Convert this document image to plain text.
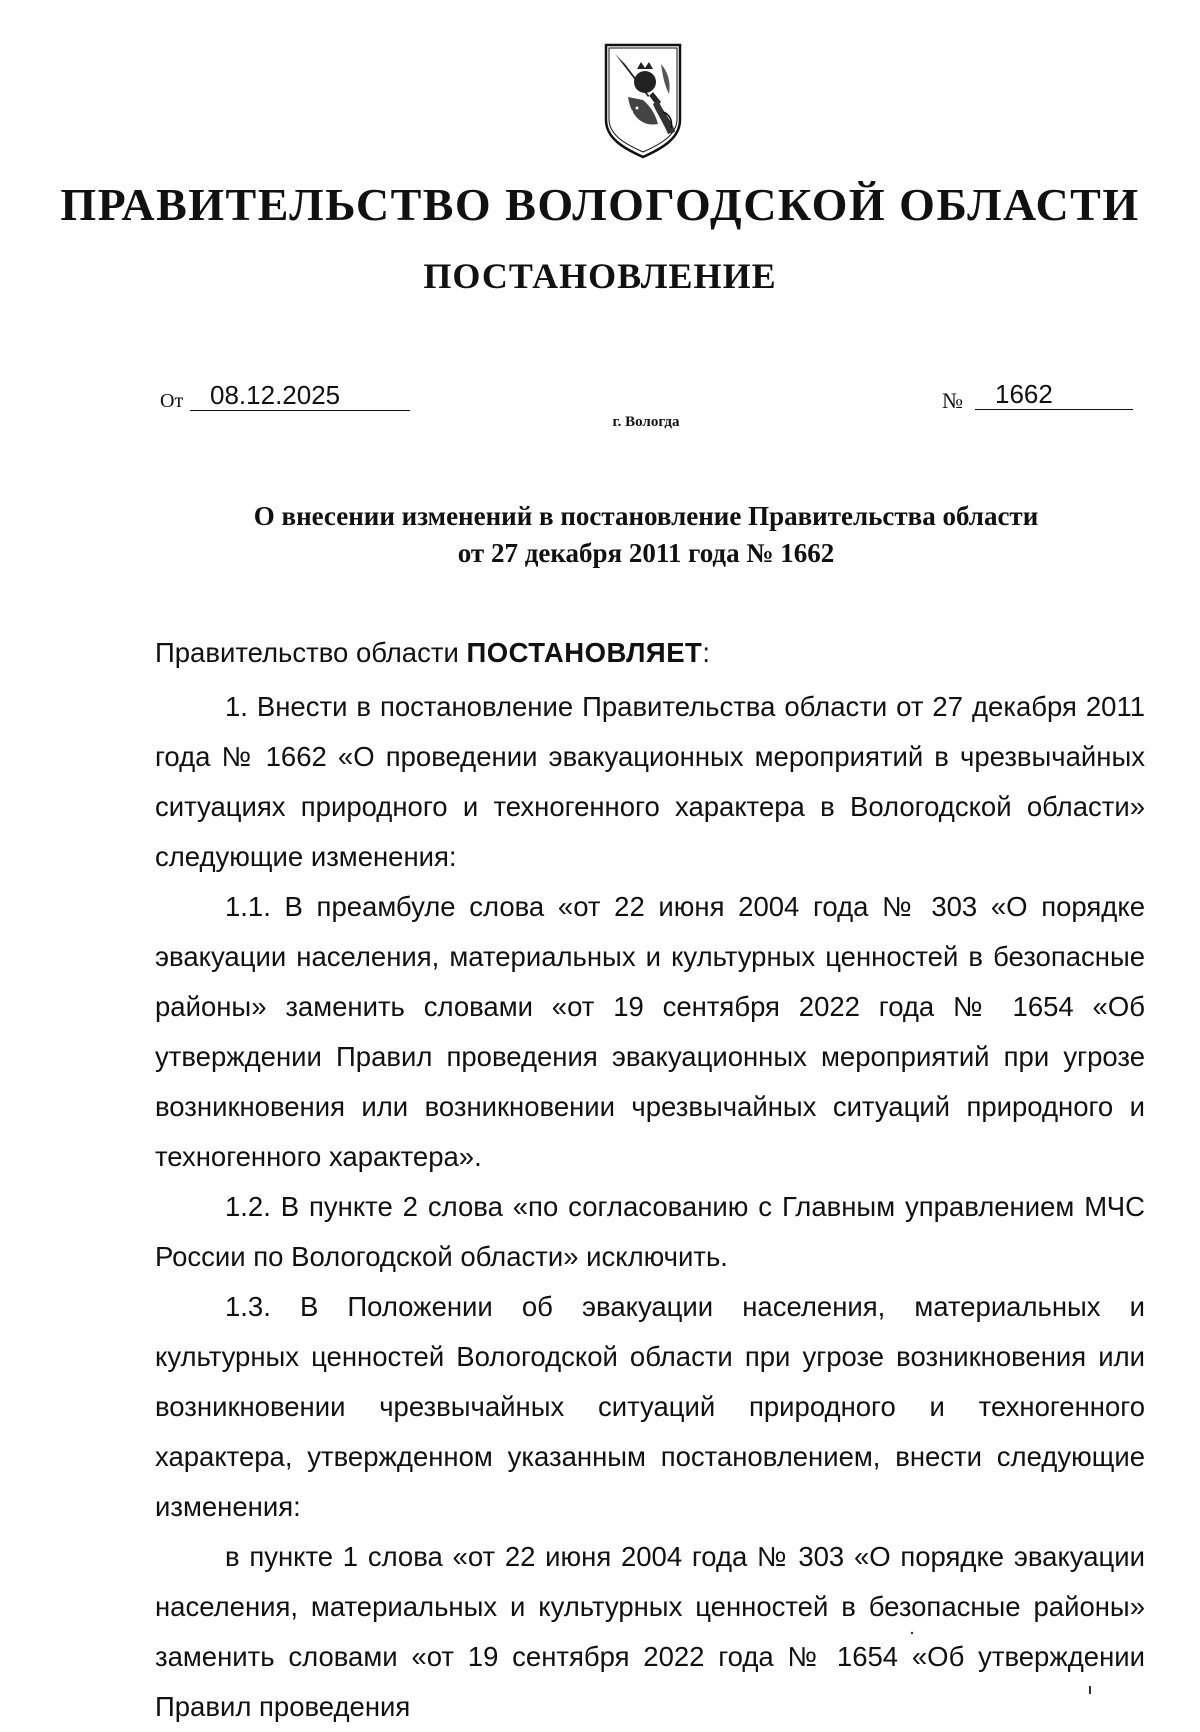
ПРАВИТЕЛЬСТВО ВОЛОГОДСКОЙ ОБЛАСТИ
ПОСТАНОВЛЕНИЕ
От	08.12.2025	№	1662
г. Вологда
О внесении изменений в постановление Правительства области
от 27 декабря 2011 года № 1662

Правительство области ПОСТАНОВЛЯЕТ:

1. Внести в постановление Правительства области от 27 декабря 2011 года № 1662 «О проведении эвакуационных мероприятий в чрезвычайных ситуациях природного и техногенного характера в Вологодской области» следующие изменения:

1.1. В преамбуле слова «от 22 июня 2004 года № 303 «О порядке эвакуации населения, материальных и культурных ценностей в безопасные районы» заменить словами «от 19 сентября 2022 года № 1654 «Об утверждении Правил проведения эвакуационных мероприятий при угрозе возникновения или возникновении чрезвычайных ситуаций природного и техногенного характера».

1.2. В пункте 2 слова «по согласованию с Главным управлением МЧС России по Вологодской области» исключить.

1.3. В Положении об эвакуации населения, материальных и культурных ценностей Вологодской области при угрозе возникновения или возникновении чрезвычайных ситуаций природного и техногенного характера, утвержденном указанным постановлением, внести следующие изменения:

в пункте 1 слова «от 22 июня 2004 года № 303 «О порядке эвакуации населения, материальных и культурных ценностей в безопасные районы» заменить словами «от 19 сентября 2022 года № 1654 «Об утверждении Правил проведения
